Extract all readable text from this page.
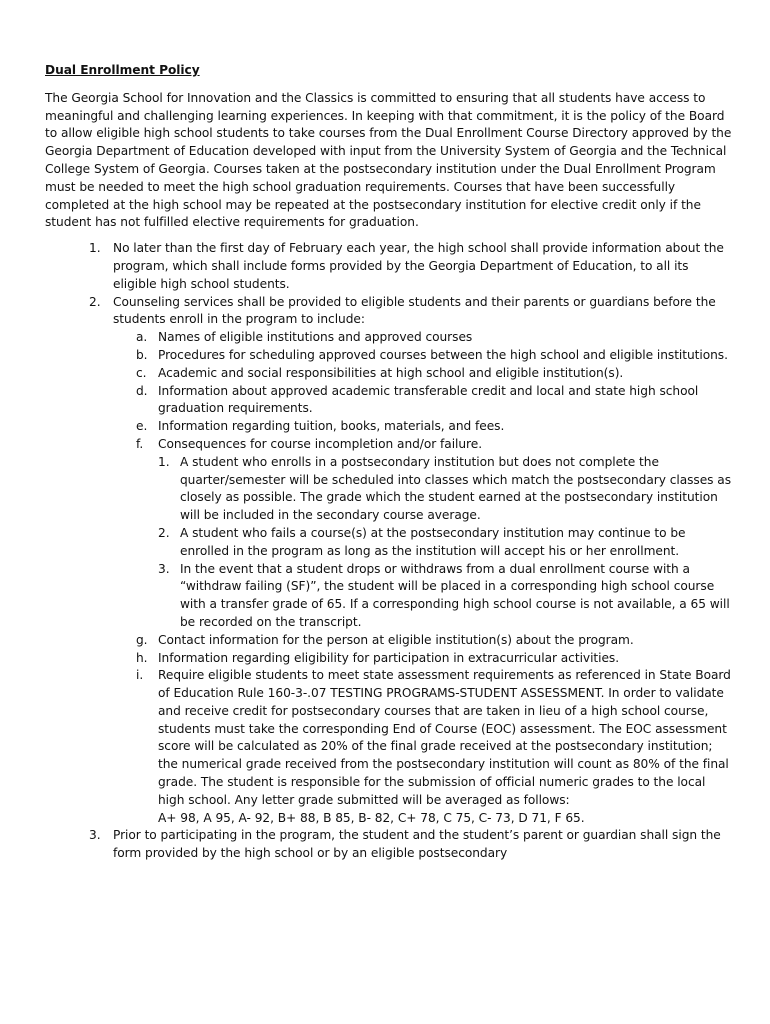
Dual Enrollment Policy
The Georgia School for Innovation and the Classics is committed to ensuring that all students have access to meaningful and challenging learning experiences. In keeping with that commitment, it is the policy of the Board to allow eligible high school students to take courses from the Dual Enrollment Course Directory approved by the Georgia Department of Education developed with input from the University System of Georgia and the Technical College System of Georgia. Courses taken at the postsecondary institution under the Dual Enrollment Program must be needed to meet the high school graduation requirements. Courses that have been successfully completed at the high school may be repeated at the postsecondary institution for elective credit only if the student has not fulfilled elective requirements for graduation.
1. No later than the first day of February each year, the high school shall provide information about the program, which shall include forms provided by the Georgia Department of Education, to all its eligible high school students.
2. Counseling services shall be provided to eligible students and their parents or guardians before the students enroll in the program to include:
a. Names of eligible institutions and approved courses
b. Procedures for scheduling approved courses between the high school and eligible institutions.
c. Academic and social responsibilities at high school and eligible institution(s).
d. Information about approved academic transferable credit and local and state high school graduation requirements.
e. Information regarding tuition, books, materials, and fees.
f. Consequences for course incompletion and/or failure.
1. A student who enrolls in a postsecondary institution but does not complete the quarter/semester will be scheduled into classes which match the postsecondary classes as closely as possible. The grade which the student earned at the postsecondary institution will be included in the secondary course average.
2. A student who fails a course(s) at the postsecondary institution may continue to be enrolled in the program as long as the institution will accept his or her enrollment.
3. In the event that a student drops or withdraws from a dual enrollment course with a “withdraw failing (SF)”, the student will be placed in a corresponding high school course with a transfer grade of 65. If a corresponding high school course is not available, a 65 will be recorded on the transcript.
g. Contact information for the person at eligible institution(s) about the program.
h. Information regarding eligibility for participation in extracurricular activities.
i. Require eligible students to meet state assessment requirements as referenced in State Board of Education Rule 160-3-.07 TESTING PROGRAMS-STUDENT ASSESSMENT. In order to validate and receive credit for postsecondary courses that are taken in lieu of a high school course, students must take the corresponding End of Course (EOC) assessment. The EOC assessment score will be calculated as 20% of the final grade received at the postsecondary institution; the numerical grade received from the postsecondary institution will count as 80% of the final grade. The student is responsible for the submission of official numeric grades to the local high school. Any letter grade submitted will be averaged as follows:
A+ 98, A 95, A- 92, B+ 88, B 85, B- 82, C+ 78, C 75, C- 73, D 71, F 65.
3. Prior to participating in the program, the student and the student’s parent or guardian shall sign the form provided by the high school or by an eligible postsecondary
